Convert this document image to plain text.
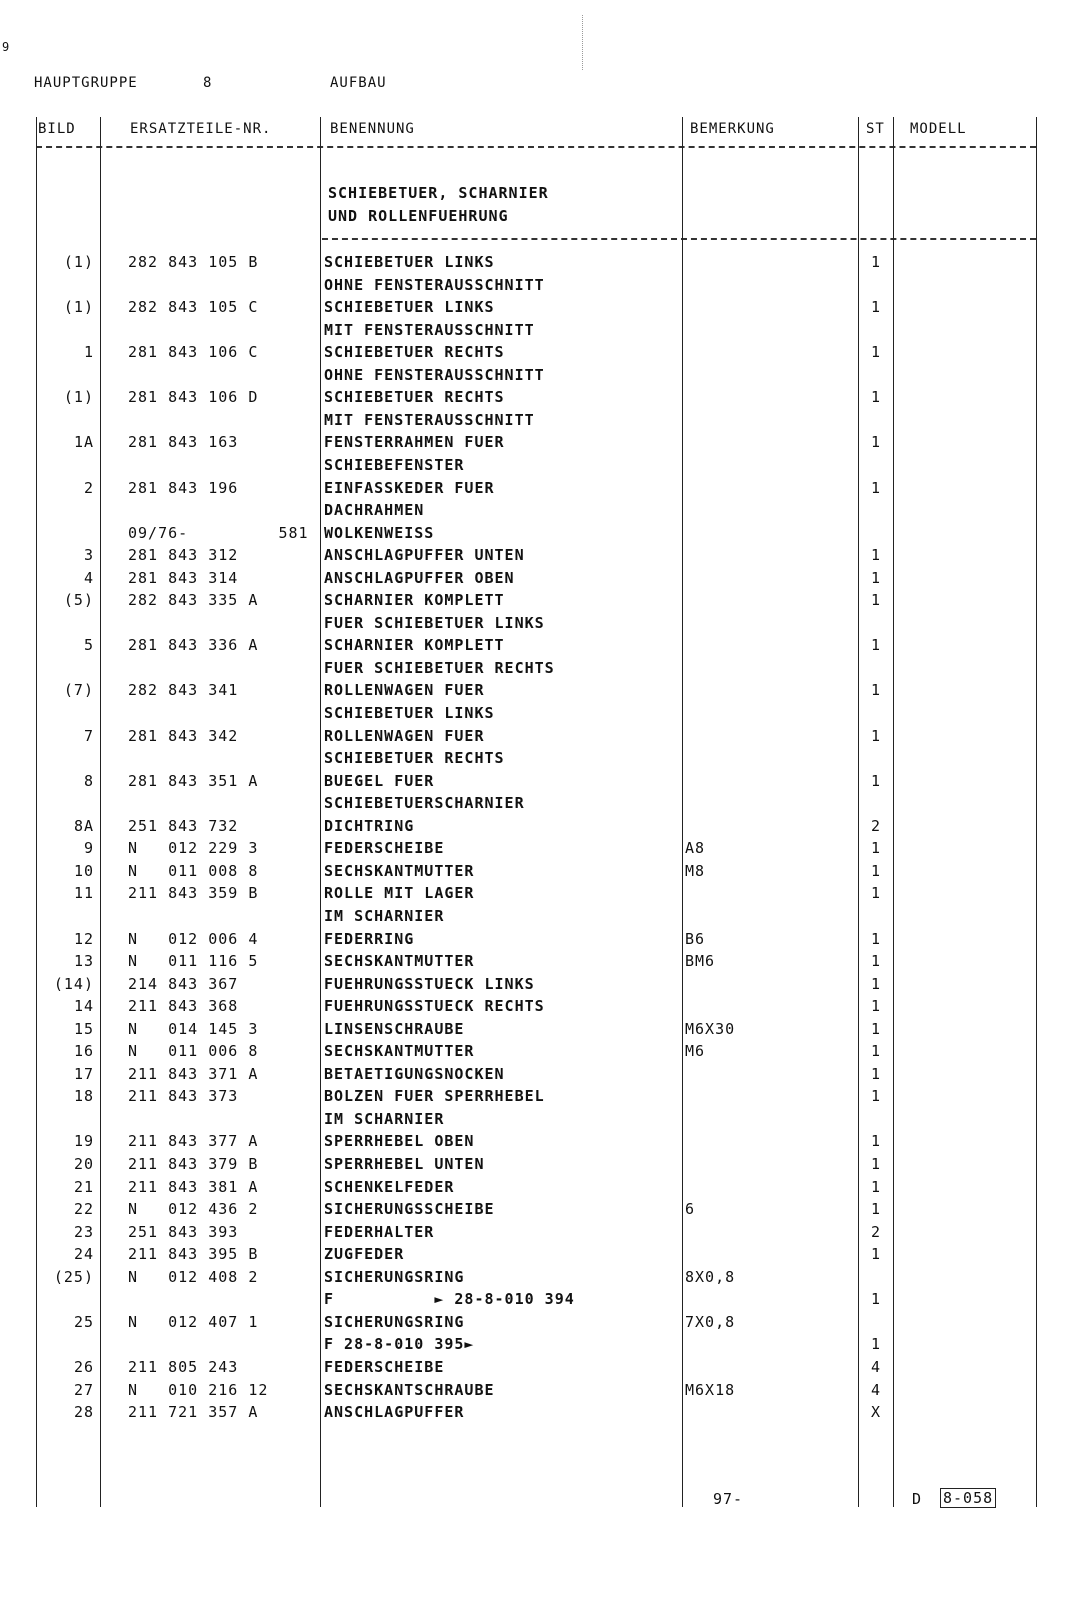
9
HAUPTGRUPPE	8	AUFBAU
BILD	ERSATZTEILE-NR.	BENENNUNG	BEMERKUNG	ST MODELL
SCHIEBETUER, SCHARNIER
UND ROLLENFUEHRUNG
(1) 282 843 105 B	SCHIEBETUER LINKS	1
OHNE FENSTERAUSSCHNITT
(1) 282 843 105 C	SCHIEBETUER LINKS	1
MIT FENSTERAUSSCHNITT
1 281 843 106 C	SCHIEBETUER RECHTS	1
OHNE FENSTERAUSSCHNITT
(1) 281 843 106 D	SCHIEBETUER RECHTS	1
MIT FENSTERAUSSCHNITT
1A 281 843 163	FENSTERRAHMEN FUER	1
SCHIEBEFENSTER
2 281 843 196	EINFASSKEDER FUER	1
DACHRAHMEN
09/76-         581	WOLKENWEISS
3 281 843 312	ANSCHLAGPUFFER UNTEN	1
4 281 843 314	ANSCHLAGPUFFER OBEN	1
(5) 282 843 335 A	SCHARNIER KOMPLETT	1
FUER SCHIEBETUER LINKS
5 281 843 336 A	SCHARNIER KOMPLETT	1
FUER SCHIEBETUER RECHTS
(7) 282 843 341	ROLLENWAGEN FUER	1
SCHIEBETUER LINKS
7 281 843 342	ROLLENWAGEN FUER	1
SCHIEBETUER RECHTS
8 281 843 351 A	BUEGEL FUER	1
SCHIEBETUERSCHARNIER
8A 251 843 732	DICHTRING	2
9 N   012 229 3	FEDERSCHEIBE	A8	1
10 N   011 008 8	SECHSKANTMUTTER	M8	1
11 211 843 359 B	ROLLE MIT LAGER	1
IM SCHARNIER
12 N   012 006 4	FEDERRING	B6	1
13 N   011 116 5	SECHSKANTMUTTER	BM6	1
(14) 214 843 367	FUEHRUNGSSTUECK LINKS	1
14 211 843 368	FUEHRUNGSSTUECK RECHTS	1
15 N   014 145 3	LINSENSCHRAUBE	M6X30	1
16 N   011 006 8	SECHSKANTMUTTER	M6	1
17 211 843 371 A	BETAETIGUNGSNOCKEN	1
18 211 843 373	BOLZEN FUER SPERRHEBEL	1
IM SCHARNIER
19 211 843 377 A	SPERRHEBEL OBEN	1
20 211 843 379 B	SPERRHEBEL UNTEN	1
21 211 843 381 A	SCHENKELFEDER	1
22 N   012 436 2	SICHERUNGSSCHEIBE	6	1
23 251 843 393	FEDERHALTER	2
24 211 843 395 B	ZUGFEDER	1
(25) N   012 408 2	SICHERUNGSRING	8X0,8
F          ► 28-8-010 394	1
25 N   012 407 1	SICHERUNGSRING	7X0,8
F 28-8-010 395►	1
26 211 805 243	FEDERSCHEIBE	4
27 N   010 216 12	SECHSKANTSCHRAUBE	M6X18	4
28 211 721 357 A	ANSCHLAGPUFFER	X
97-	D 8-058
